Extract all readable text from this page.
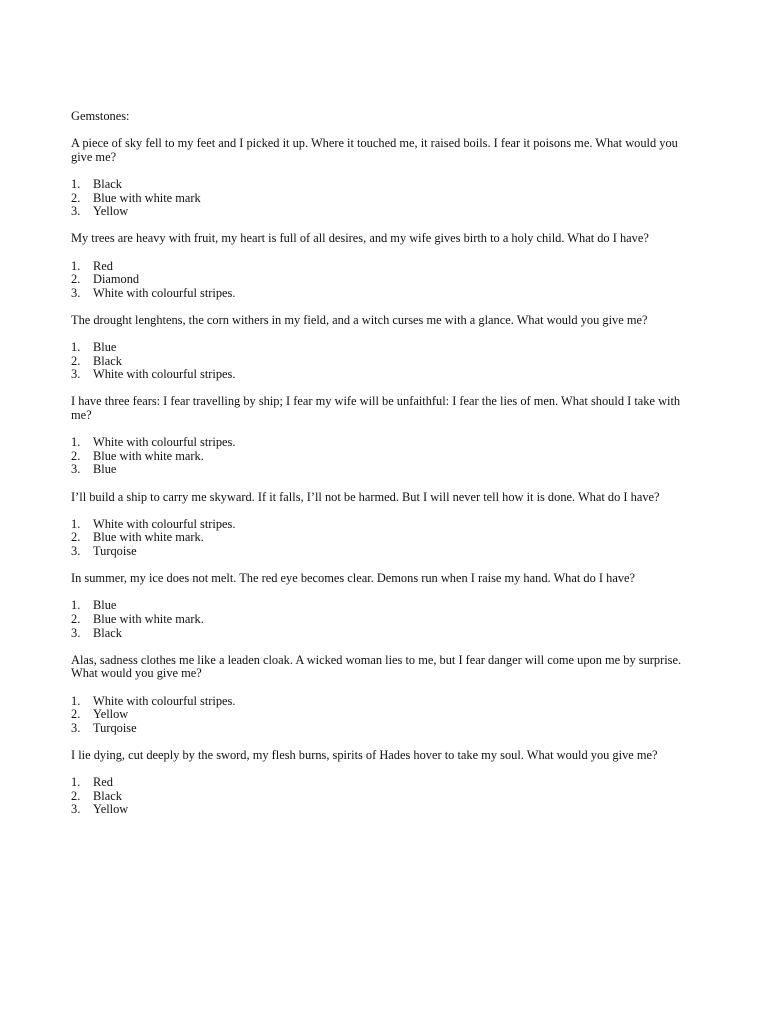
Gemstones:

A piece of sky fell to my feet and I picked it up. Where it touched me, it raised boils. I fear it poisons me. What would you give me?

1.	Black
2.	Blue with white mark
3.	Yellow

My trees are heavy with fruit, my heart is full of all desires, and my wife gives birth to a holy child. What do I have?

1.	Red
2.	Diamond
3.	White with colourful stripes.

The drought lenghtens, the corn withers in my field, and a witch curses me with a glance. What would you give me?

1.	Blue
2.	Black
3.	White with colourful stripes.

I have three fears: I fear travelling by ship; I fear my wife will be unfaithful: I fear the lies of men. What should I take with me?

1.	White with colourful stripes.
2.	Blue with white mark.
3.	Blue

I’ll build a ship to carry me skyward. If it falls, I’ll not be harmed. But I will never tell how it is done. What do I have?

1.	White with colourful stripes.
2.	Blue with white mark.
3.	Turqoise

In summer, my ice does not melt. The red eye becomes clear. Demons run when I raise my hand. What do I have?

1.	Blue
2.	Blue with white mark.
3.	Black

Alas, sadness clothes me like a leaden cloak. A wicked woman lies to me, but I fear danger will come upon me by surprise. What would you give me?

1.	White with colourful stripes.
2.	Yellow
3.	Turqoise

I lie dying, cut deeply by the sword, my flesh burns, spirits of Hades hover to take my soul. What would you give me?

1.	Red
2.	Black
3.	Yellow
